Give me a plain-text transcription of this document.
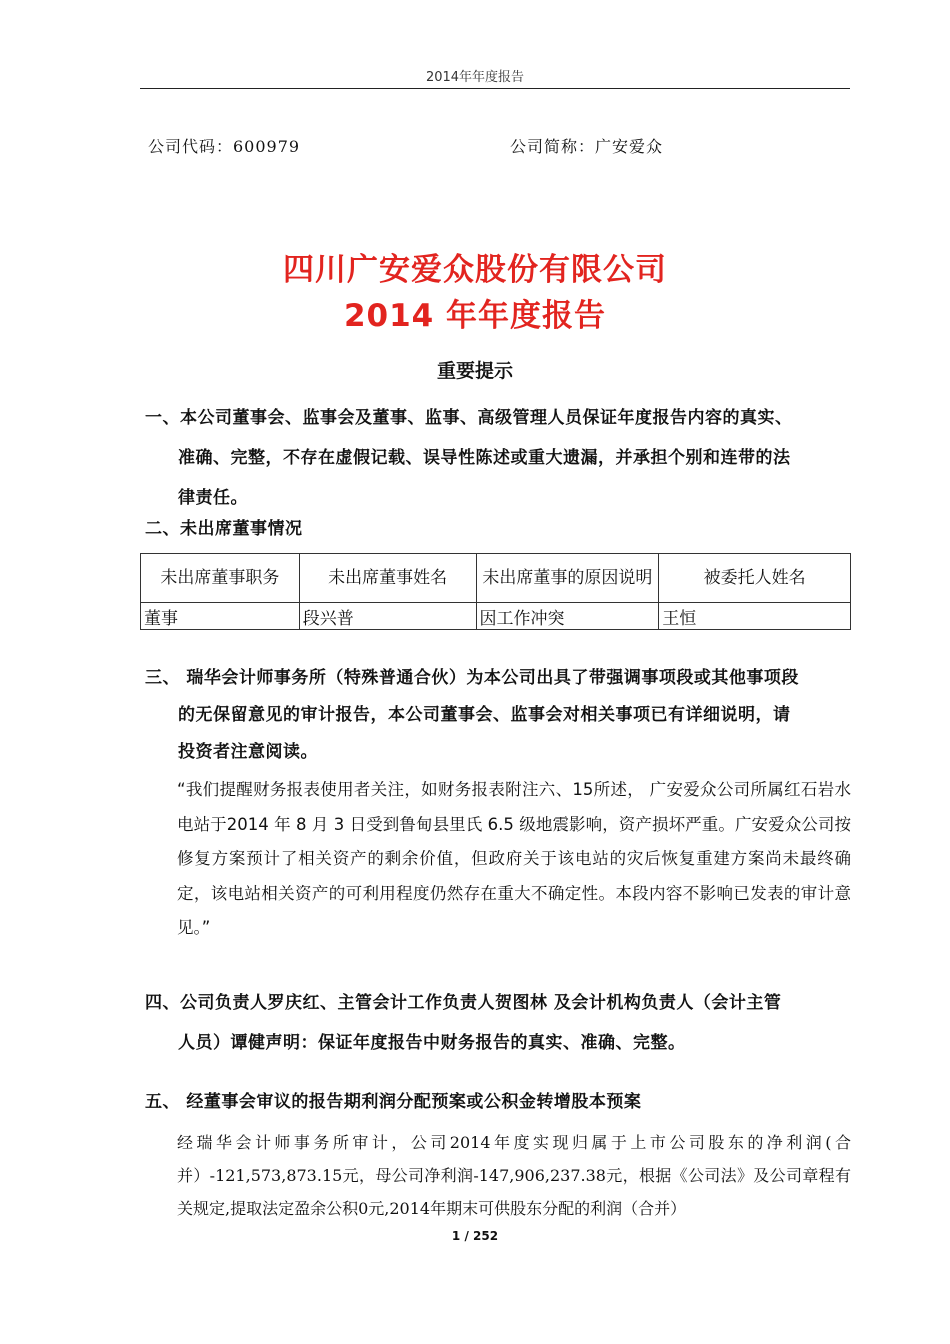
2014年年度报告
公司代码：600979	公司简称：广安爱众
四川广安爱众股份有限公司
2014 年年度报告
重要提示
一、本公司董事会、监事会及董事、监事、高级管理人员保证年度报告内容的真实、
准确、完整，不存在虚假记载、误导性陈述或重大遗漏，并承担个别和连带的法
律责任。
二、未出席董事情况
未出席董事职务	未出席董事姓名	未出席董事的原因说明	被委托人姓名
董事	段兴普	因工作冲突	王恒
三、 瑞华会计师事务所（特殊普通合伙）为本公司出具了带强调事项段或其他事项段
的无保留意见的审计报告，本公司董事会、监事会对相关事项已有详细说明，请
投资者注意阅读。
“我们提醒财务报表使用者关注，如财务报表附注六、15所述， 广安爱众公司所属红石岩水电站于2014 年 8 月 3 日受到鲁甸县里氏 6.5 级地震影响，资产损坏严重。广安爱众公司按修复方案预计了相关资产的剩余价值，但政府关于该电站的灾后恢复重建方案尚未最终确定，该电站相关资产的可利用程度仍然存在重大不确定性。本段内容不影响已发表的审计意见。”
四、公司负责人罗庆红、主管会计工作负责人贺图林 及会计机构负责人（会计主管
人员）谭健声明：保证年度报告中财务报告的真实、准确、完整。
五、 经董事会审议的报告期利润分配预案或公积金转增股本预案
经瑞华会计师事务所审计，公司2014年度实现归属于上市公司股东的净利润(合并）-121,573,873.15元，母公司净利润-147,906,237.38元，根据《公司法》及公司章程有关规定,提取法定盈余公积0元,2014年期末可供股东分配的利润（合并）
1 / 252
